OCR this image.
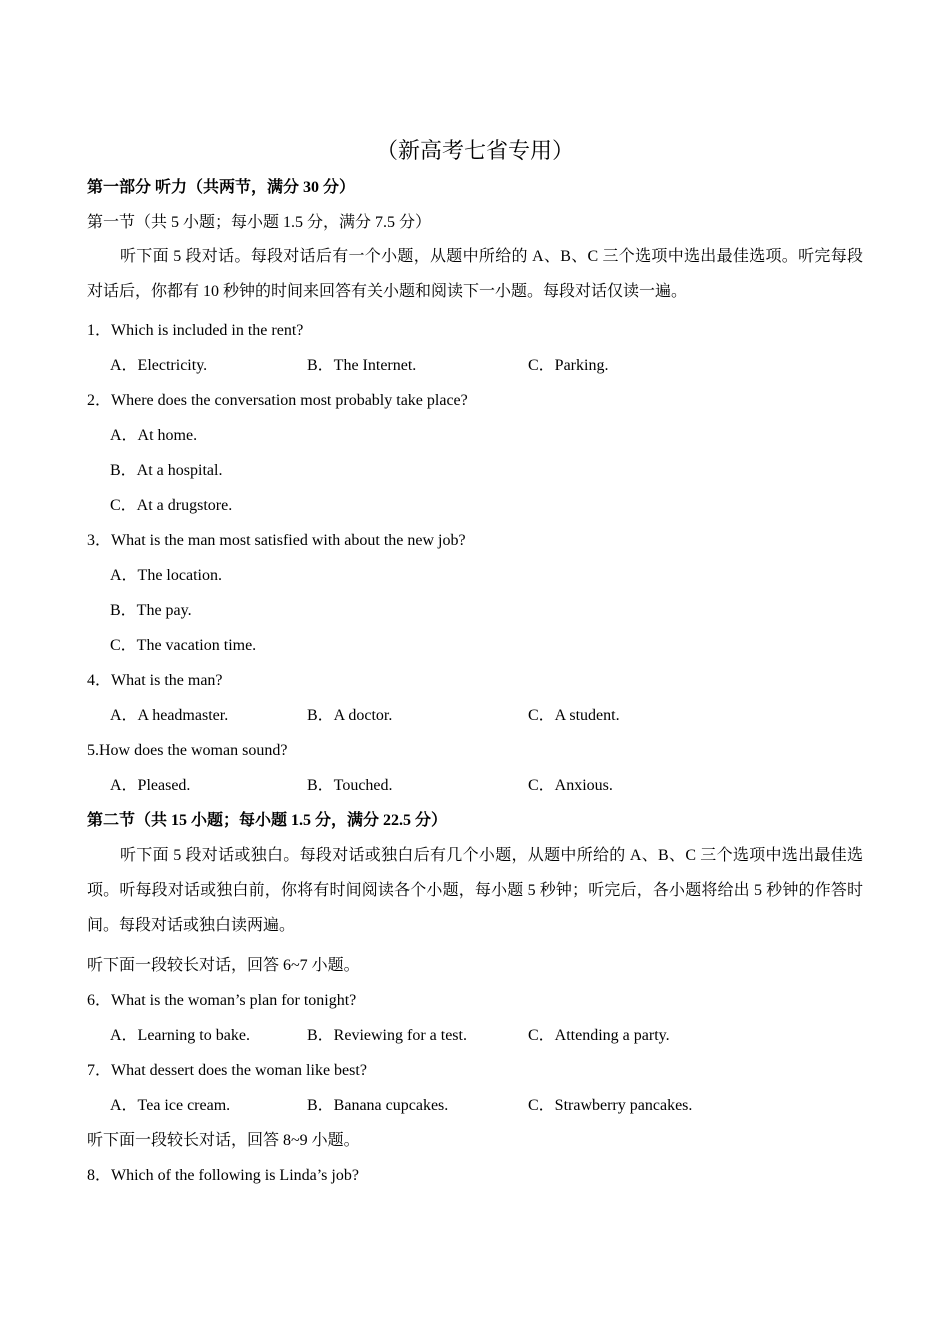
（新高考七省专用）
第一部分 听力（共两节，满分 30 分）
第一节（共 5 小题；每小题 1.5 分，满分 7.5 分）
听下面 5 段对话。每段对话后有一个小题，从题中所给的 A、B、C 三个选项中选出最佳选项。听完每段对话后，你都有 10 秒钟的时间来回答有关小题和阅读下一小题。每段对话仅读一遍。
1．Which is included in the rent?
A．Electricity.	B．The Internet.	C．Parking.
2．Where does the conversation most probably take place?
A．At home.
B．At a hospital.
C．At a drugstore.
3．What is the man most satisfied with about the new job?
A．The location.
B．The pay.
C．The vacation time.
4．What is the man?
A．A headmaster.	B．A doctor.	C．A student.
5.How does the woman sound?
A．Pleased.	B．Touched.	C．Anxious.
第二节（共 15 小题；每小题 1.5 分，满分 22.5 分）
听下面 5 段对话或独白。每段对话或独白后有几个小题，从题中所给的 A、B、C 三个选项中选出最佳选项。听每段对话或独白前，你将有时间阅读各个小题，每小题 5 秒钟；听完后，各小题将给出 5 秒钟的作答时间。每段对话或独白读两遍。
听下面一段较长对话，回答 6~7 小题。
6．What is the woman’s plan for tonight?
A．Learning to bake.	B．Reviewing for a test.	C．Attending a party.
7．What dessert does the woman like best?
A．Tea ice cream.	B．Banana cupcakes.	C．Strawberry pancakes.
听下面一段较长对话，回答 8~9 小题。
8．Which of the following is Linda’s job?
